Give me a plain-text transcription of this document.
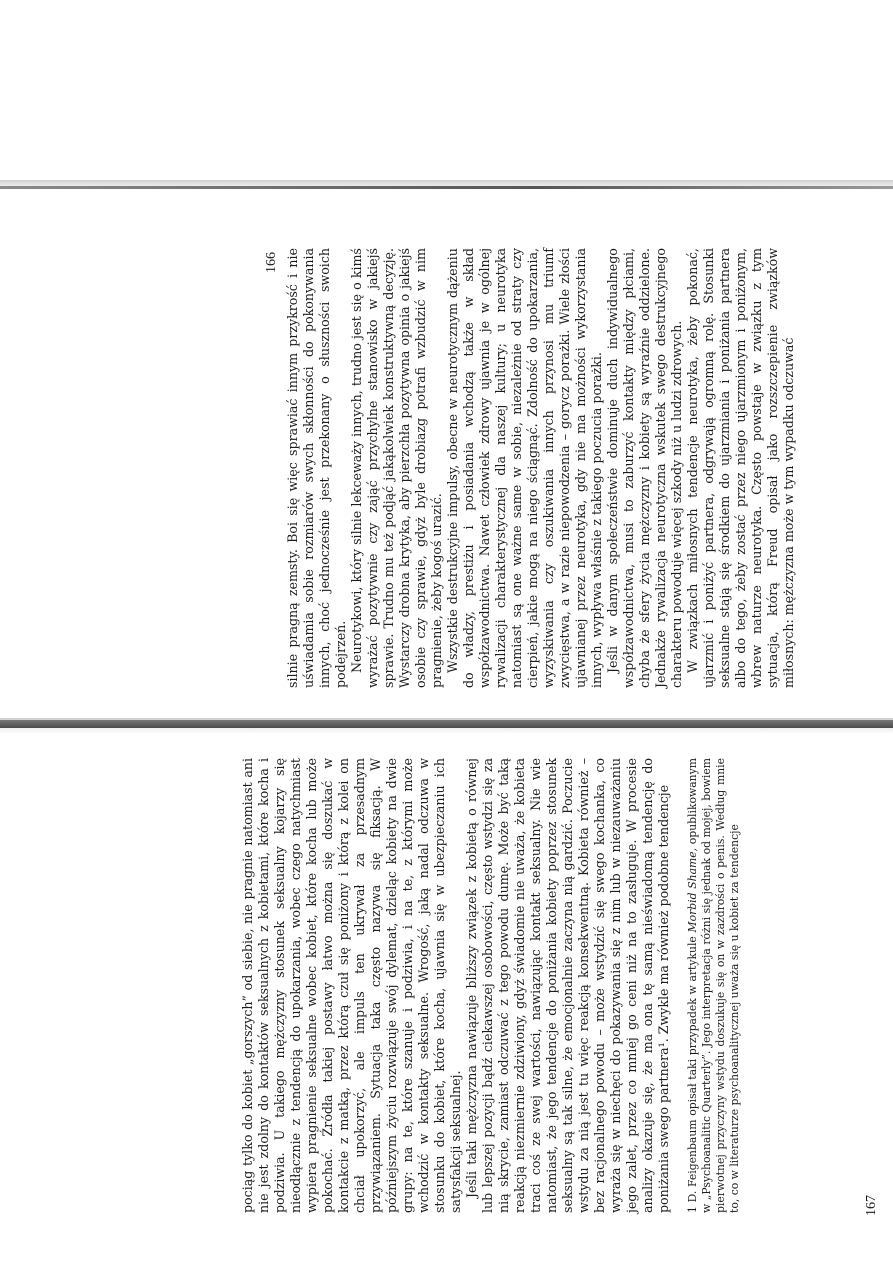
silnie pragną zemsty. Boi się więc sprawiać innym przykrość i nie uświadamia sobie rozmiarów swych skłonności do pokonywania innych, choć jednocześnie jest przekonany o słuszności swoich podejrzeń. Neurotykowi, który silnie lekceważy innych, trudno jest się o kimś wyrażać pozytywnie czy zająć przychylne stanowisko w jakiejś sprawie. Trudno mu też podjąć jakąkolwiek konstruktywną decyzję. Wystarczy drobna krytyka, aby pierzchła pozytywna opinia o jakiejś osobie czy sprawie, gdyż byle drobiazg potrafi wzbudzić w nim pragnienie, żeby kogoś urazić. Wszystkie destrukcyjne impulsy, obecne w neurotycznym dążeniu do władzy, prestiżu i posiadania wchodzą także w skład współzawodnictwa. Nawet człowiek zdrowy ujawnia je w ogólnej rywalizacji charakterystycznej dla naszej kultury; u neurotyka natomiast są one ważne same w sobie, niezależnie od straty czy cierpień, jakie mogą na niego ściągnąć. Zdolność do upokarzania, wyzyskiwania czy oszukiwania innych przynosi mu triumf zwycięstwa, a w razie niepowodzenia – gorycz porażki. Wiele złości ujawnianej przez neurotyka, gdy nie ma możności wykorzystania innych, wypływa właśnie z takiego poczucia porażki. Jeśli w danym społeczeństwie dominuje duch indywidualnego współzawodnictwa, musi to zaburzyć kontakty między płciami, chyba że sfery życia mężczyzny i kobiety są wyraźnie oddzielone. Jednakże rywalizacja neurotyczna wskutek swego destrukcyjnego charakteru powoduje więcej szkody niż u ludzi zdrowych. W związkach miłosnych tendencje neurotyka, żeby pokonać, ujarzmić i poniżyć partnera, odgrywają ogromną rolę. Stosunki seksualne stają się środkiem do ujarzmiania i poniżania partnera albo do tego, żeby zostać przez niego ujarzmionym i poniżonym, wbrew naturze neurotyka. Często powstaje w związku z tym sytuacja, którą Freud opisał jako rozszczepienie związków miłosnych: mężczyzna może w tym wypadku odczuwać

166

pociąg tylko do kobiet „gorszych” od siebie, nie pragnie natomiast ani nie jest zdolny do kontaktów seksualnych z kobietami, które kocha i podziwia. U takiego mężczyzny stosunek seksualny kojarzy się nieodłącznie z tendencją do upokarzania, wobec czego natychmiast wypiera pragnienie seksualne wobec kobiet, które kocha lub może pokochać. Źródła takiej postawy łatwo można się doszukać w kontakcie z matką, przez którą czuł się poniżony i którą z kolei on chciał upokorzyć, ale impuls ten ukrywał za przesadnym przywiązaniem. Sytuacja taka często nazywa się fiksacją. W późniejszym życiu rozwiązuje swój dylemat, dzieląc kobiety na dwie grupy: na te, które szanuje i podziwia, i na te, z którymi może wchodzić w kontakty seksualne. Wrogość, jaką nadal odczuwa w stosunku do kobiet, które kocha, ujawnia się w ubezpieczaniu ich satysfakcji seksualnej. Jeśli taki mężczyzna nawiązuje bliższy związek z kobietą o równej lub lepszej pozycji bądź ciekawszej osobowości, często wstydzi się za nią skrycie, zamiast odczuwać z tego powodu dumę. Może być taką reakcją niezmiernie zdziwiony, gdyż świadomie nie uważa, że kobieta traci coś ze swej wartości, nawiązując kontakt seksualny. Nie wie natomiast, że jego tendencje do poniżania kobiety poprzez stosunek seksualny są tak silne, że emocjonalnie zaczyna nią gardzić. Poczucie wstydu za nią jest tu więc reakcją konsekwentną. Kobieta również – bez racjonalnego powodu – może wstydzić się swego kochanka, co wyraża się w niechęci do pokazywania się z nim lub w niezauważaniu jego zalet, przez co mniej go ceni niż na to zasługuje. W procesie analizy okazuje się, że ma ona tę samą nieświadomą tendencję do poniżania swego partnera¹. Zwykle ma również podobne tendencje 1 D. Feigenbaum opisał taki przypadek w artykule Morbid Shame, opublikowanym w „Psychoanalitic Quarterly”. Jego interpretacja różni się jednak od mojej, bowiem pierwotnej przyczyny wstydu doszukuje się on w zazdrości o penis. Według mnie to, co w literaturze psychoanalitycznej uważa się u kobiet za tendencje	167
